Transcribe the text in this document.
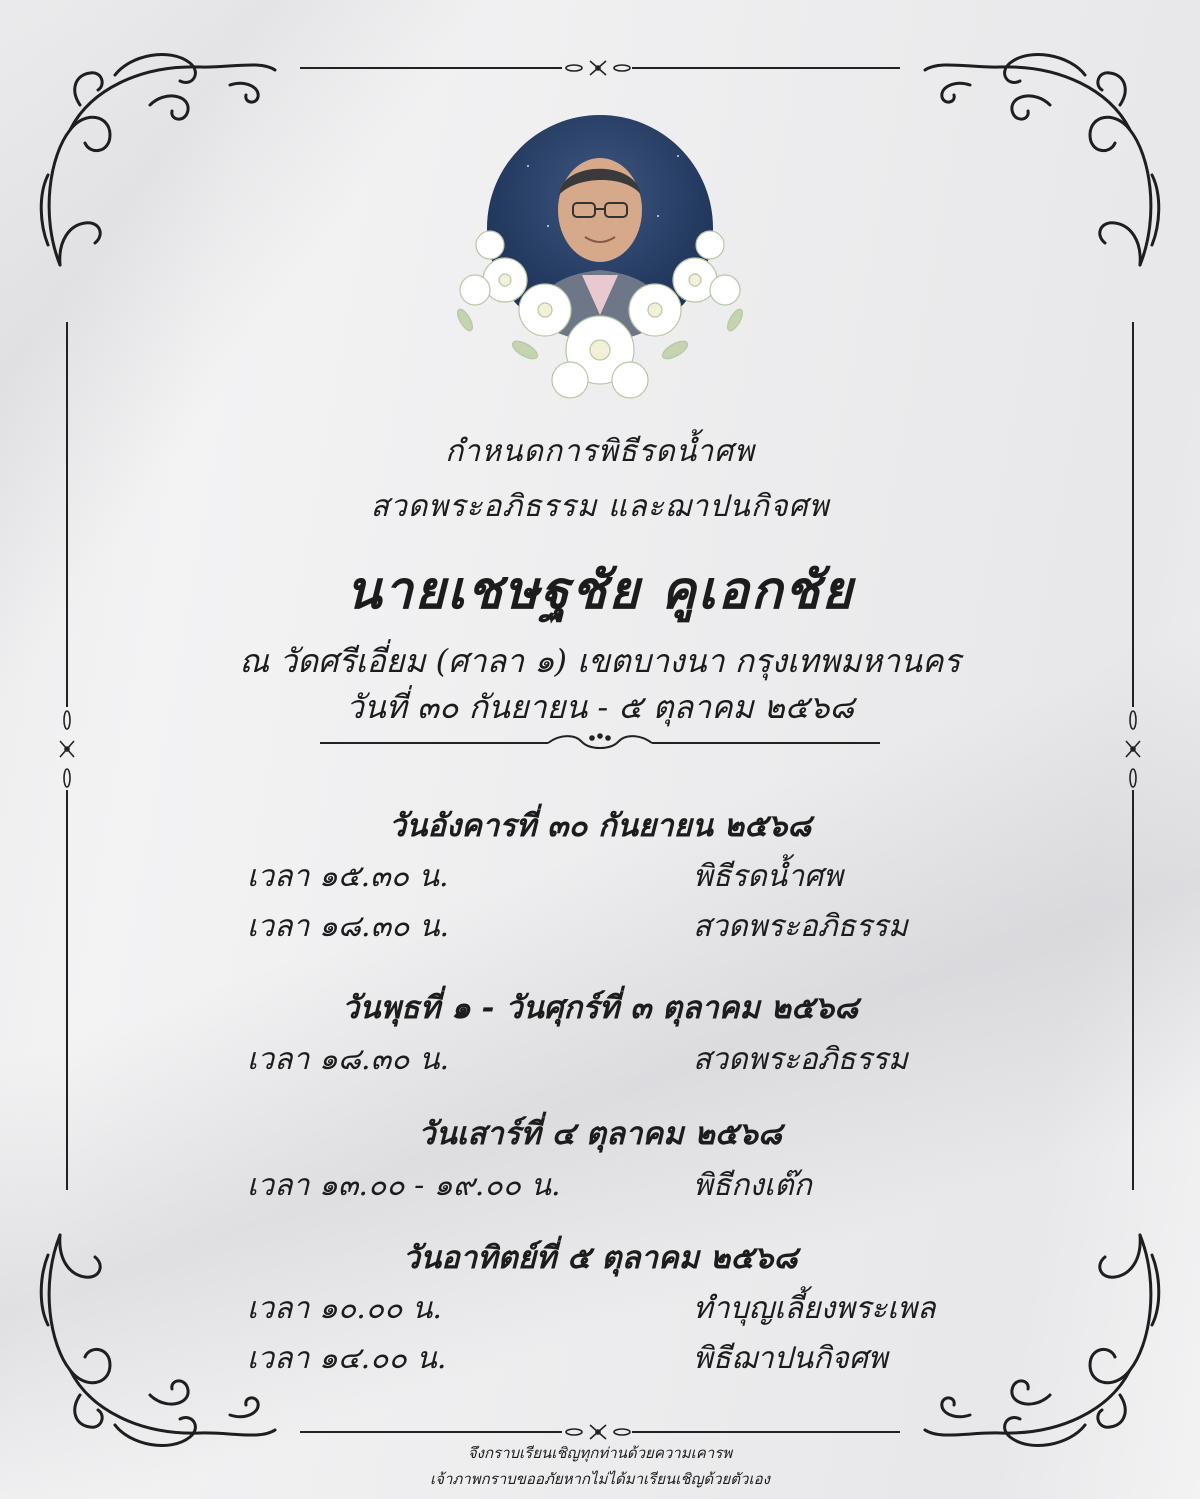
กำหนดการพิธีรดน้ำศพ
สวดพระอภิธรรม และฌาปนกิจศพ
นายเชษฐชัย คูเอกชัย
ณ วัดศรีเอี่ยม (ศาลา ๑) เขตบางนา กรุงเทพมหานคร
วันที่ ๓๐ กันยายน - ๕ ตุลาคม ๒๕๖๘
วันอังคารที่ ๓๐ กันยายน ๒๕๖๘
เวลา ๑๕.๓๐ น.	พิธีรดน้ำศพ
เวลา ๑๘.๓๐ น.	สวดพระอภิธรรม
วันพุธที่ ๑ - วันศุกร์ที่ ๓ ตุลาคม ๒๕๖๘
เวลา ๑๘.๓๐ น.	สวดพระอภิธรรม
วันเสาร์ที่ ๔ ตุลาคม ๒๕๖๘
เวลา ๑๓.๐๐ - ๑๙.๐๐ น.	พิธีกงเต๊ก
วันอาทิตย์ที่ ๕ ตุลาคม ๒๕๖๘
เวลา ๑๐.๐๐ น.	ทำบุญเลี้ยงพระเพล
เวลา ๑๔.๐๐ น.	พิธีฌาปนกิจศพ
จึงกราบเรียนเชิญทุกท่านด้วยความเคารพ
เจ้าภาพกราบขออภัยหากไม่ได้มาเรียนเชิญด้วยตัวเอง
